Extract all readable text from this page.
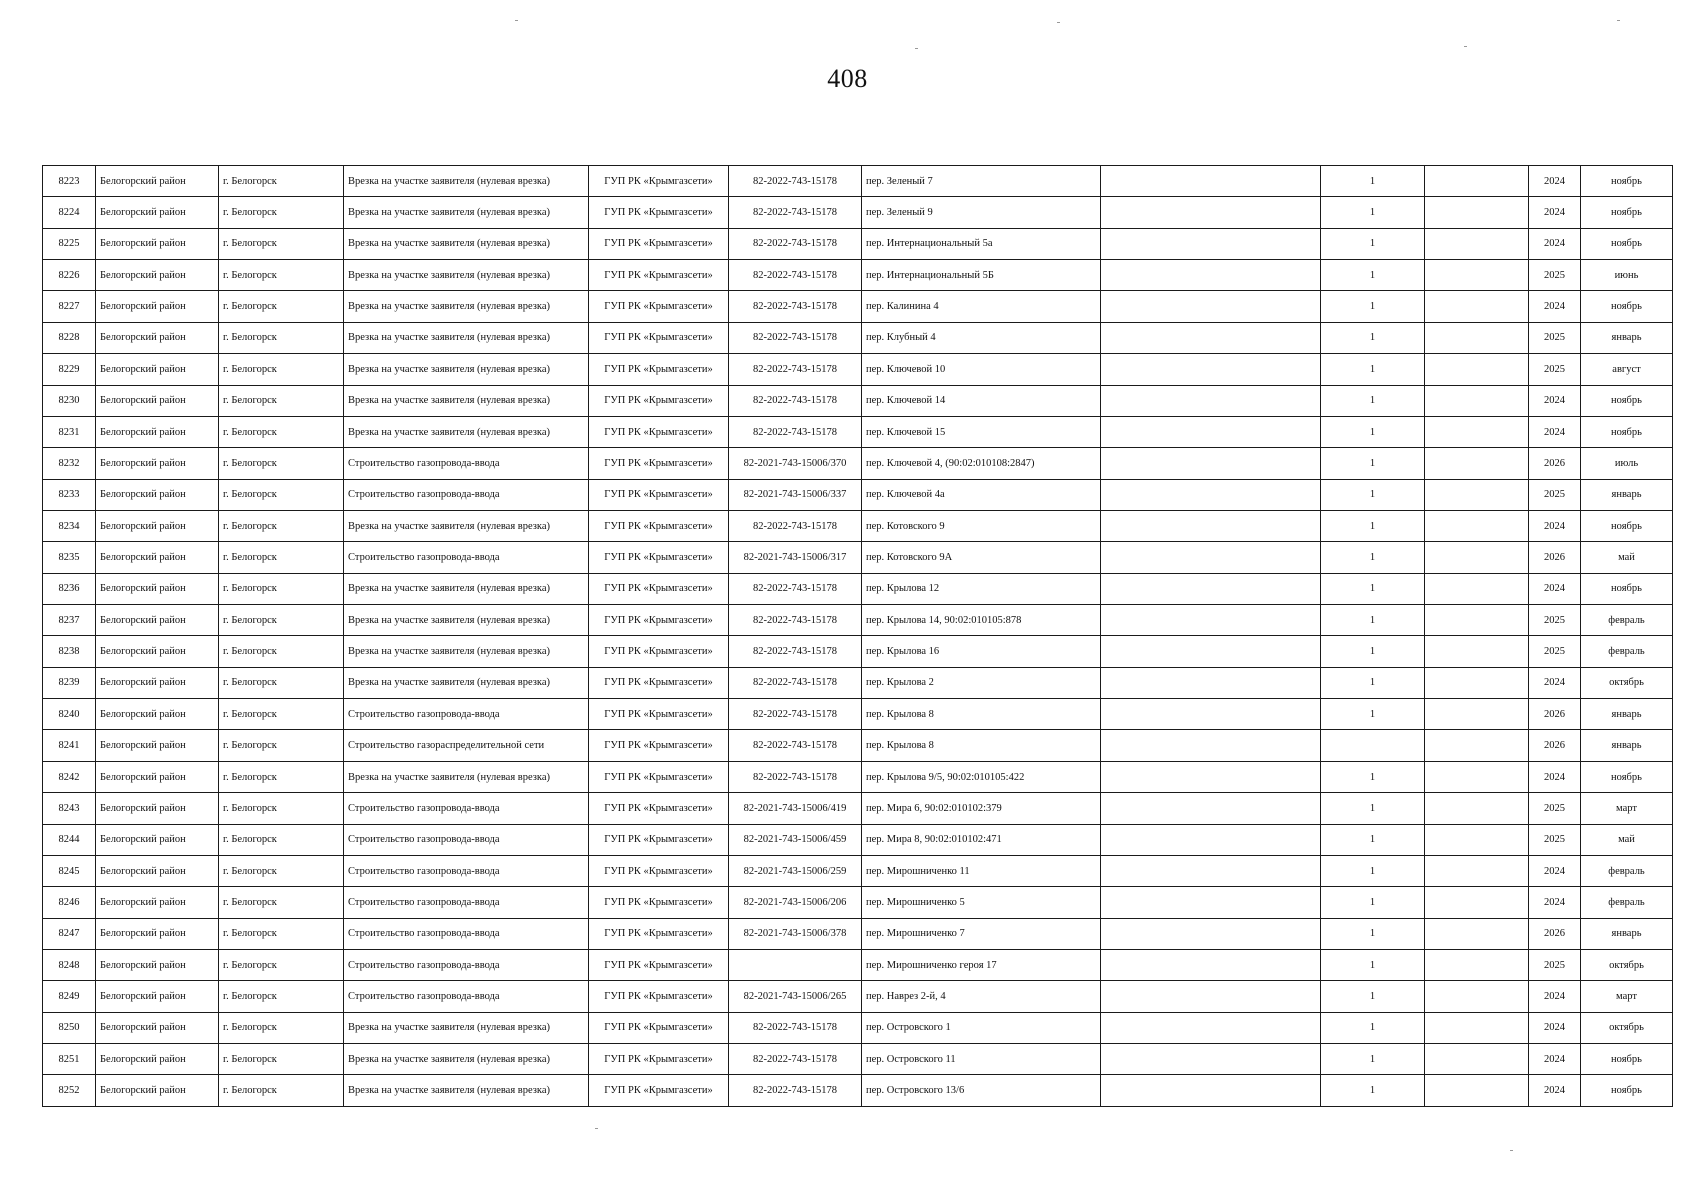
408
8223	Белогорский район	г. Белогорск	Врезка на участке заявителя (нулевая врезка)	ГУП РК «Крымгазсети»	82-2022-743-15178	пер. Зеленый 7		1		2024	ноябрь
8224	Белогорский район	г. Белогорск	Врезка на участке заявителя (нулевая врезка)	ГУП РК «Крымгазсети»	82-2022-743-15178	пер. Зеленый 9		1		2024	ноябрь
8225	Белогорский район	г. Белогорск	Врезка на участке заявителя (нулевая врезка)	ГУП РК «Крымгазсети»	82-2022-743-15178	пер. Интернациональный 5а		1		2024	ноябрь
8226	Белогорский район	г. Белогорск	Врезка на участке заявителя (нулевая врезка)	ГУП РК «Крымгазсети»	82-2022-743-15178	пер. Интернациональный 5Б		1		2025	июнь
8227	Белогорский район	г. Белогорск	Врезка на участке заявителя (нулевая врезка)	ГУП РК «Крымгазсети»	82-2022-743-15178	пер. Калинина 4		1		2024	ноябрь
8228	Белогорский район	г. Белогорск	Врезка на участке заявителя (нулевая врезка)	ГУП РК «Крымгазсети»	82-2022-743-15178	пер. Клубный 4		1		2025	январь
8229	Белогорский район	г. Белогорск	Врезка на участке заявителя (нулевая врезка)	ГУП РК «Крымгазсети»	82-2022-743-15178	пер. Ключевой 10		1		2025	август
8230	Белогорский район	г. Белогорск	Врезка на участке заявителя (нулевая врезка)	ГУП РК «Крымгазсети»	82-2022-743-15178	пер. Ключевой 14		1		2024	ноябрь
8231	Белогорский район	г. Белогорск	Врезка на участке заявителя (нулевая врезка)	ГУП РК «Крымгазсети»	82-2022-743-15178	пер. Ключевой 15		1		2024	ноябрь
8232	Белогорский район	г. Белогорск	Строительство газопровода-ввода	ГУП РК «Крымгазсети»	82-2021-743-15006/370	пер. Ключевой 4, (90:02:010108:2847)		1		2026	июль
8233	Белогорский район	г. Белогорск	Строительство газопровода-ввода	ГУП РК «Крымгазсети»	82-2021-743-15006/337	пер. Ключевой 4а		1		2025	январь
8234	Белогорский район	г. Белогорск	Врезка на участке заявителя (нулевая врезка)	ГУП РК «Крымгазсети»	82-2022-743-15178	пер. Котовского 9		1		2024	ноябрь
8235	Белогорский район	г. Белогорск	Строительство газопровода-ввода	ГУП РК «Крымгазсети»	82-2021-743-15006/317	пер. Котовского 9А		1		2026	май
8236	Белогорский район	г. Белогорск	Врезка на участке заявителя (нулевая врезка)	ГУП РК «Крымгазсети»	82-2022-743-15178	пер. Крылова 12		1		2024	ноябрь
8237	Белогорский район	г. Белогорск	Врезка на участке заявителя (нулевая врезка)	ГУП РК «Крымгазсети»	82-2022-743-15178	пер. Крылова 14, 90:02:010105:878		1		2025	февраль
8238	Белогорский район	г. Белогорск	Врезка на участке заявителя (нулевая врезка)	ГУП РК «Крымгазсети»	82-2022-743-15178	пер. Крылова 16		1		2025	февраль
8239	Белогорский район	г. Белогорск	Врезка на участке заявителя (нулевая врезка)	ГУП РК «Крымгазсети»	82-2022-743-15178	пер. Крылова 2		1		2024	октябрь
8240	Белогорский район	г. Белогорск	Строительство газопровода-ввода	ГУП РК «Крымгазсети»	82-2022-743-15178	пер. Крылова 8		1		2026	январь
8241	Белогорский район	г. Белогорск	Строительство газораспределительной сети	ГУП РК «Крымгазсети»	82-2022-743-15178	пер. Крылова 8				2026	январь
8242	Белогорский район	г. Белогорск	Врезка на участке заявителя (нулевая врезка)	ГУП РК «Крымгазсети»	82-2022-743-15178	пер. Крылова 9/5, 90:02:010105:422		1		2024	ноябрь
8243	Белогорский район	г. Белогорск	Строительство газопровода-ввода	ГУП РК «Крымгазсети»	82-2021-743-15006/419	пер. Мира 6, 90:02:010102:379		1		2025	март
8244	Белогорский район	г. Белогорск	Строительство газопровода-ввода	ГУП РК «Крымгазсети»	82-2021-743-15006/459	пер. Мира 8, 90:02:010102:471		1		2025	май
8245	Белогорский район	г. Белогорск	Строительство газопровода-ввода	ГУП РК «Крымгазсети»	82-2021-743-15006/259	пер. Мирошниченко 11		1		2024	февраль
8246	Белогорский район	г. Белогорск	Строительство газопровода-ввода	ГУП РК «Крымгазсети»	82-2021-743-15006/206	пер. Мирошниченко 5		1		2024	февраль
8247	Белогорский район	г. Белогорск	Строительство газопровода-ввода	ГУП РК «Крымгазсети»	82-2021-743-15006/378	пер. Мирошниченко 7		1		2026	январь
8248	Белогорский район	г. Белогорск	Строительство газопровода-ввода	ГУП РК «Крымгазсети»		пер. Мирошниченко героя 17		1		2025	октябрь
8249	Белогорский район	г. Белогорск	Строительство газопровода-ввода	ГУП РК «Крымгазсети»	82-2021-743-15006/265	пер. Наврез 2-й, 4		1		2024	март
8250	Белогорский район	г. Белогорск	Врезка на участке заявителя (нулевая врезка)	ГУП РК «Крымгазсети»	82-2022-743-15178	пер. Островского 1		1		2024	октябрь
8251	Белогорский район	г. Белогорск	Врезка на участке заявителя (нулевая врезка)	ГУП РК «Крымгазсети»	82-2022-743-15178	пер. Островского 11		1		2024	ноябрь
8252	Белогорский район	г. Белогорск	Врезка на участке заявителя (нулевая врезка)	ГУП РК «Крымгазсети»	82-2022-743-15178	пер. Островского 13/6		1		2024	ноябрь
